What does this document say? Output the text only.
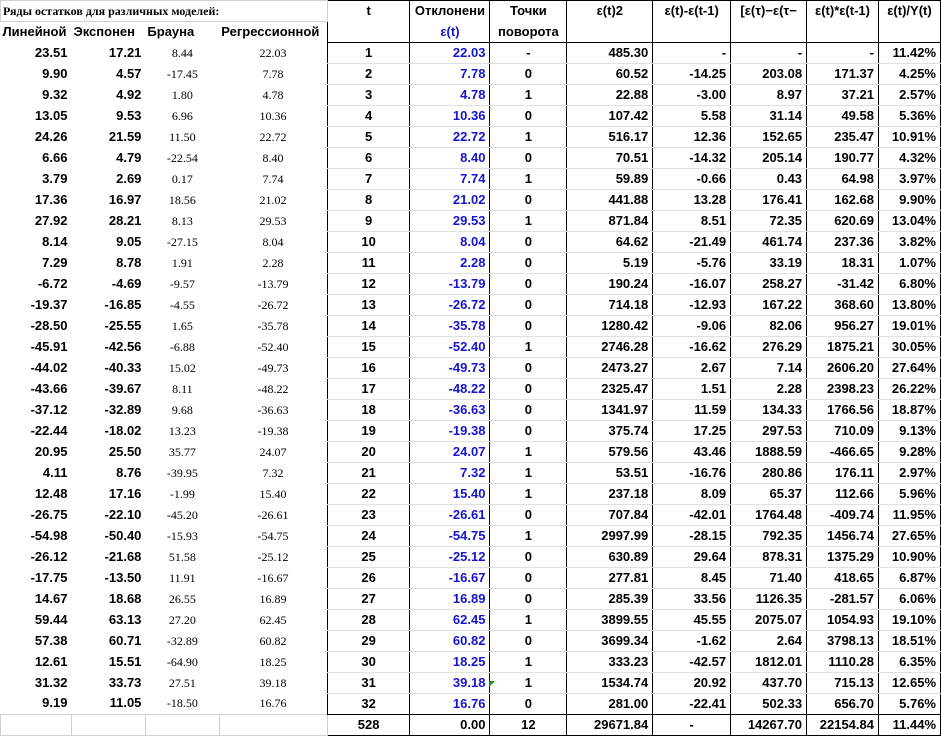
Ряды остатков для различных моделей:				t	Отклонени	Точки	ε(t)2	ε(t)-ε(t-1)	[ε(τ)−ε(τ−	ε(t)*ε(t-1)	ε(t)/Y(t)
Линейной	Экспонен	Брауна	Регрессионной		ε(t)	поворота					
23.51	17.21	8.44	22.03	1	22.03	-	485.30	-	-	-	11.42%
9.90	4.57	-17.45	7.78	2	7.78	0	60.52	-14.25	203.08	171.37	4.25%
9.32	4.92	1.80	4.78	3	4.78	1	22.88	-3.00	8.97	37.21	2.57%
13.05	9.53	6.96	10.36	4	10.36	0	107.42	5.58	31.14	49.58	5.36%
24.26	21.59	11.50	22.72	5	22.72	1	516.17	12.36	152.65	235.47	10.91%
6.66	4.79	-22.54	8.40	6	8.40	0	70.51	-14.32	205.14	190.77	4.32%
3.79	2.69	0.17	7.74	7	7.74	1	59.89	-0.66	0.43	64.98	3.97%
17.36	16.97	18.56	21.02	8	21.02	0	441.88	13.28	176.41	162.68	9.90%
27.92	28.21	8.13	29.53	9	29.53	1	871.84	8.51	72.35	620.69	13.04%
8.14	9.05	-27.15	8.04	10	8.04	0	64.62	-21.49	461.74	237.36	3.82%
7.29	8.78	1.91	2.28	11	2.28	0	5.19	-5.76	33.19	18.31	1.07%
-6.72	-4.69	-9.57	-13.79	12	-13.79	0	190.24	-16.07	258.27	-31.42	6.80%
-19.37	-16.85	-4.55	-26.72	13	-26.72	0	714.18	-12.93	167.22	368.60	13.80%
-28.50	-25.55	1.65	-35.78	14	-35.78	0	1280.42	-9.06	82.06	956.27	19.01%
-45.91	-42.56	-6.88	-52.40	15	-52.40	1	2746.28	-16.62	276.29	1875.21	30.05%
-44.02	-40.33	15.02	-49.73	16	-49.73	0	2473.27	2.67	7.14	2606.20	27.64%
-43.66	-39.67	8.11	-48.22	17	-48.22	0	2325.47	1.51	2.28	2398.23	26.22%
-37.12	-32.89	9.68	-36.63	18	-36.63	0	1341.97	11.59	134.33	1766.56	18.87%
-22.44	-18.02	13.23	-19.38	19	-19.38	0	375.74	17.25	297.53	710.09	9.13%
20.95	25.50	35.77	24.07	20	24.07	1	579.56	43.46	1888.59	-466.65	9.28%
4.11	8.76	-39.95	7.32	21	7.32	1	53.51	-16.76	280.86	176.11	2.97%
12.48	17.16	-1.99	15.40	22	15.40	1	237.18	8.09	65.37	112.66	5.96%
-26.75	-22.10	-45.20	-26.61	23	-26.61	0	707.84	-42.01	1764.48	-409.74	11.95%
-54.98	-50.40	-15.93	-54.75	24	-54.75	1	2997.99	-28.15	792.35	1456.74	27.65%
-26.12	-21.68	51.58	-25.12	25	-25.12	0	630.89	29.64	878.31	1375.29	10.90%
-17.75	-13.50	11.91	-16.67	26	-16.67	0	277.81	8.45	71.40	418.65	6.87%
14.67	18.68	26.55	16.89	27	16.89	0	285.39	33.56	1126.35	-281.57	6.06%
59.44	63.13	27.20	62.45	28	62.45	1	3899.55	45.55	2075.07	1054.93	19.10%
57.38	60.71	-32.89	60.82	29	60.82	0	3699.34	-1.62	2.64	3798.13	18.51%
12.61	15.51	-64.90	18.25	30	18.25	1	333.23	-42.57	1812.01	1110.28	6.35%
31.32	33.73	27.51	39.18	31	39.18	1	1534.74	20.92	437.70	715.13	12.65%
9.19	11.05	-18.50	16.76	32	16.76	0	281.00	-22.41	502.33	656.70	5.76%
				528	0.00	12	29671.84	-	14267.70	22154.84	11.44%
